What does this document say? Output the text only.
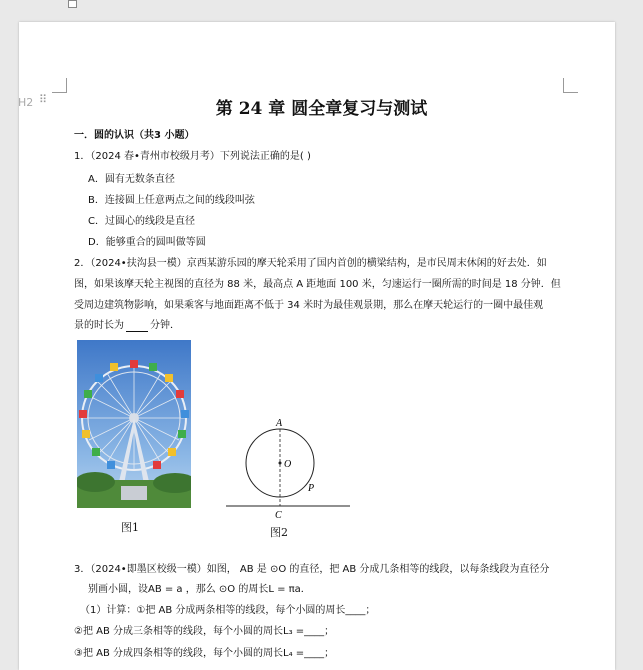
H2 ⠿	第 24 章 圆全章复习与测试
一．圆的认识（共3 小题）
1．（2024 春•青州市校级月考）下列说法正确的是( )
A．圆有无数条直径
B．连接圆上任意两点之间的线段叫弦
C．过圆心的线段是直径
D．能够重合的圆叫做等圆
2．（2024•扶沟县一模）京西某游乐园的摩天轮采用了国内首创的横梁结构，是市民周末休闲的好去处．如
图，如果该摩天轮主视图的直径为 88 米，最高点 A 距地面 100 米，匀速运行一圈所需的时间是 18 分钟．但
受周边建筑物影响，如果乘客与地面距离不低于 34 米时为最佳观景期，那么在摩天轮运行的一圈中最佳观
景的时长为	分钟．
图1
A
O
P
C
图2
3．（2024•即墨区校级一模）如图， AB 是 ⊙O 的直径，把 AB 分成几条相等的线段，以每条线段为直径分
别画小圆，设AB = a ，那么 ⊙O 的周长L = πa．
（1）计算：①把 AB 分成两条相等的线段，每个小圆的周长____；
②把 AB 分成三条相等的线段，每个小圆的周长L₃ =____；
③把 AB 分成四条相等的线段，每个小圆的周长L₄ =____；
